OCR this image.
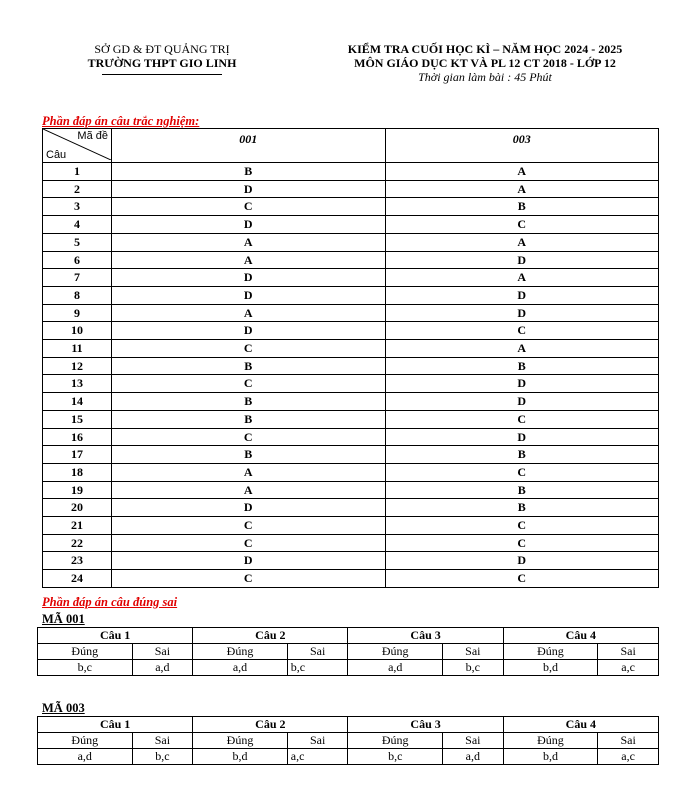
SỞ GD & ĐT QUẢNG TRỊ
TRƯỜNG THPT GIO LINH
KIỂM TRA CUỐI HỌC KÌ – NĂM HỌC 2024 - 2025
MÔN GIÁO DỤC KT VÀ PL 12 CT 2018 - LỚP 12
Thời gian làm bài : 45 Phút
Phần đáp án câu trắc nghiệm:
Mã đề
Câu	001	003
1	B	A
2	D	A
3	C	B
4	D	C
5	A	A
6	A	D
7	D	A
8	D	D
9	A	D
10	D	C
11	C	A
12	B	B
13	C	D
14	B	D
15	B	C
16	C	D
17	B	B
18	A	C
19	A	B
20	D	B
21	C	C
22	C	C
23	D	D
24	C	C
Phần đáp án câu đúng sai
MÃ 001
Câu 1		Câu 2		Câu 3		Câu 4	
Đúng	Sai	Đúng	Sai	Đúng	Sai	Đúng	Sai
b,c	a,d	a,d	b,c	a,d	b,c	b,d	a,c
MÃ 003
Câu 1		Câu 2		Câu 3		Câu 4	
Đúng	Sai	Đúng	Sai	Đúng	Sai	Đúng	Sai
a,d	b,c	b,d	a,c	b,c	a,d	b,d	a,c
